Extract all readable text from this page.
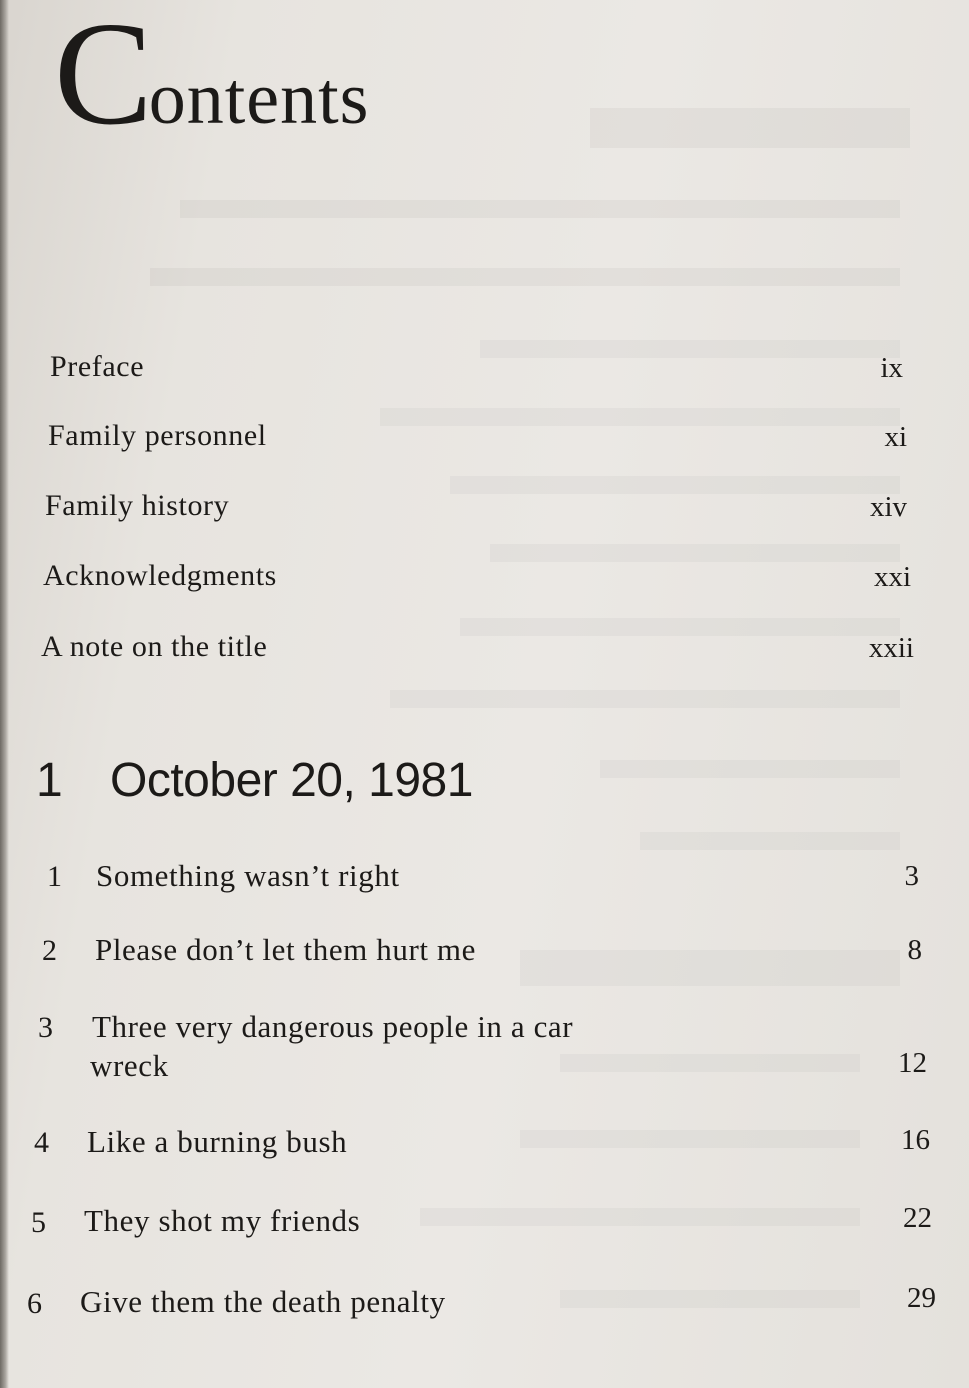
Contents
Preface	ix
Family personnel	xi
Family history	xiv
Acknowledgments	xxi
A note on the title	xxii
1 October 20, 1981
1 Something wasn’t right	3
2 Please don’t let them hurt me	8
3 Three very dangerous people in a car
wreck	12
4 Like a burning bush	16
5 They shot my friends	22
6 Give them the death penalty	29
